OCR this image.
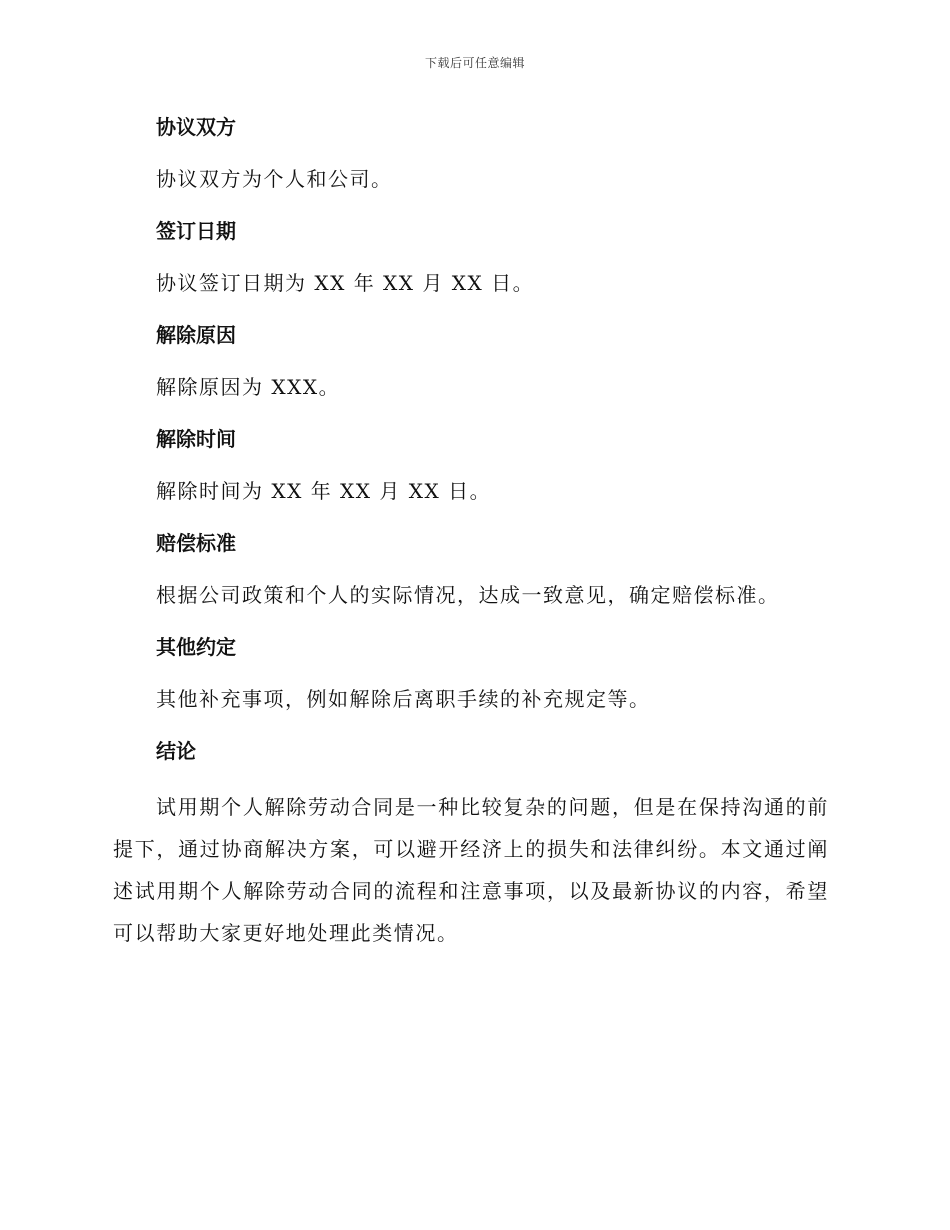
下载后可任意编辑
协议双方
协议双方为个人和公司。
签订日期
协议签订日期为 XX 年 XX 月 XX 日。
解除原因
解除原因为 XXX。
解除时间
解除时间为 XX 年 XX 月 XX 日。
赔偿标准
根据公司政策和个人的实际情况，达成一致意见，确定赔偿标准。
其他约定
其他补充事项，例如解除后离职手续的补充规定等。
结论

试用期个人解除劳动合同是一种比较复杂的问题，但是在保持沟通的前提下，通过协商解决方案，可以避开经济上的损失和法律纠纷。本文通过阐述试用期个人解除劳动合同的流程和注意事项，以及最新协议的内容，希望可以帮助大家更好地处理此类情况。
